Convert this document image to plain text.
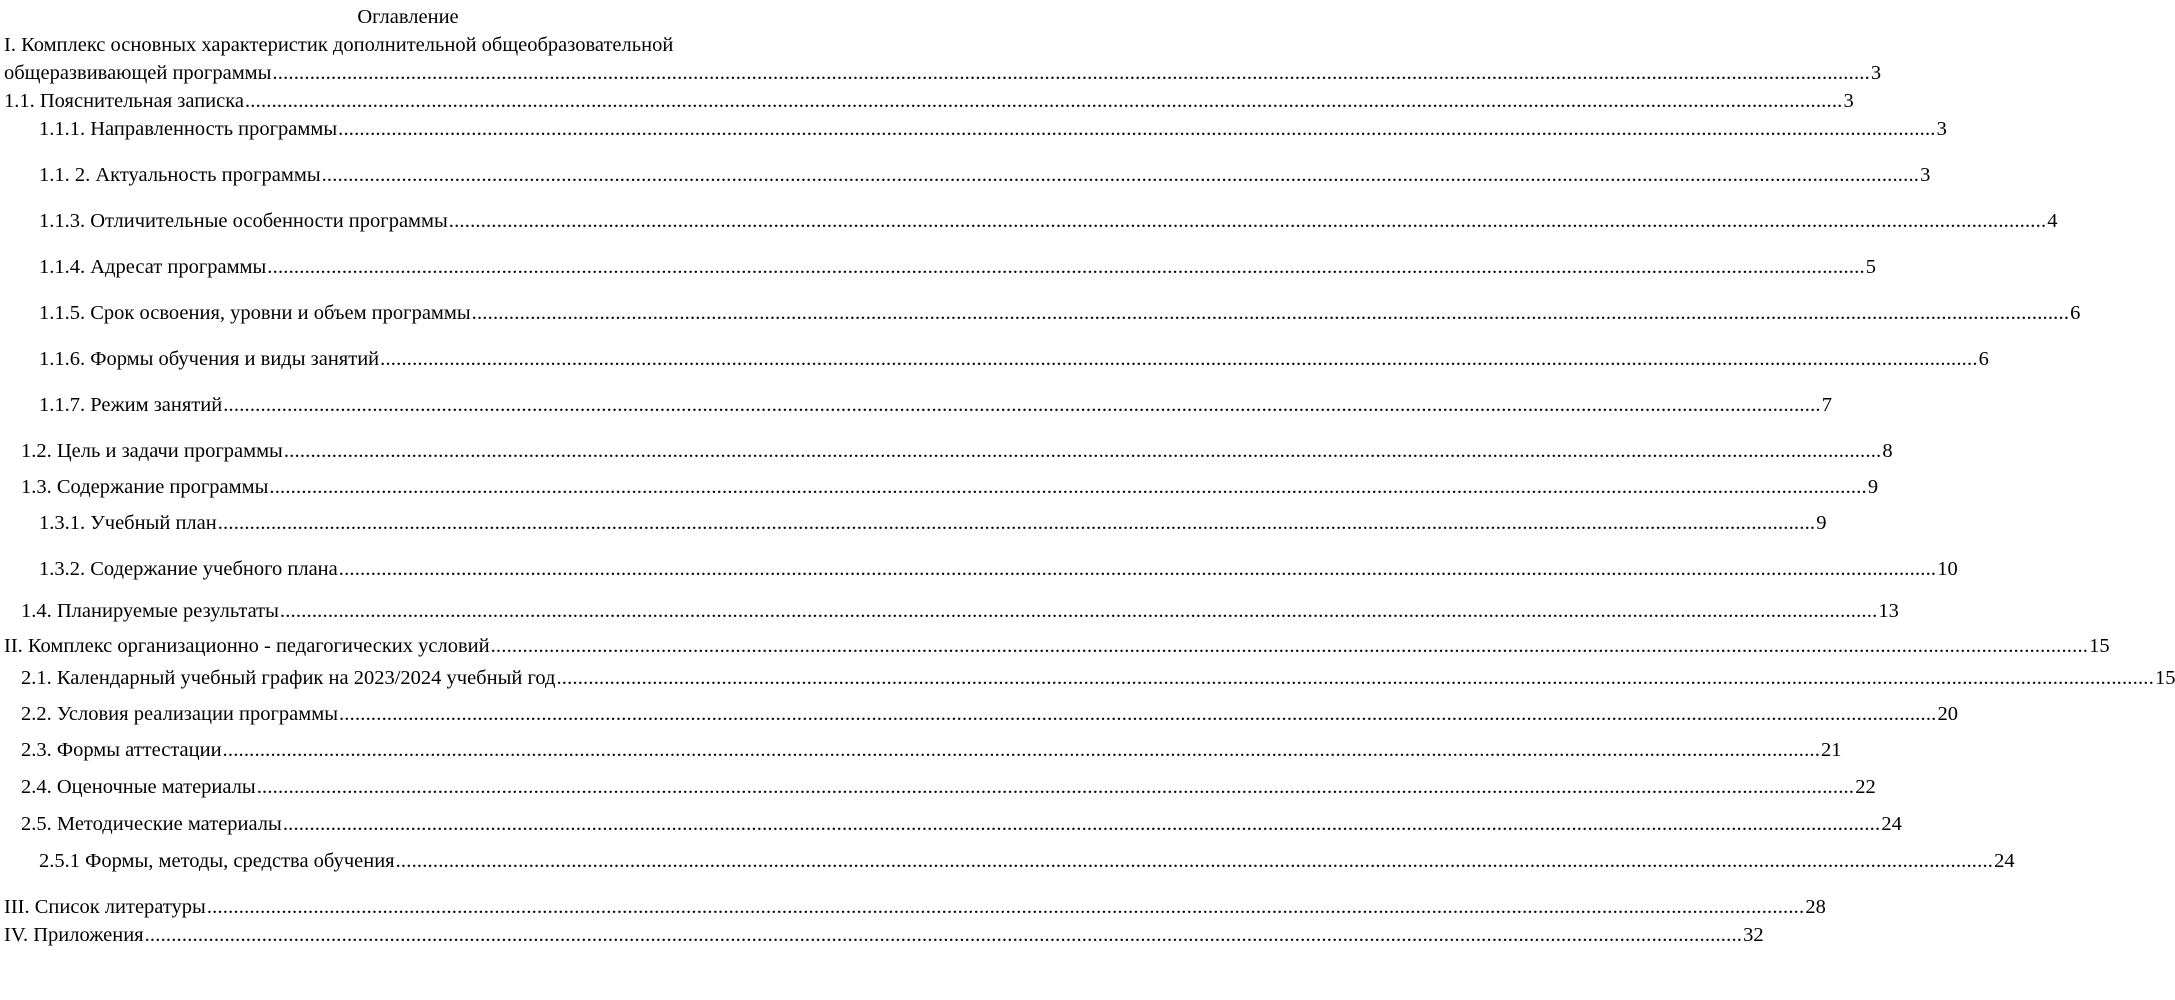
Оглавление
I. Комплекс основных характеристик дополнительной общеобразовательной
общеразвивающей программы ............................................................................................................................................................................................................................................................................................................ 3
1.1. Пояснительная записка ............................................................................................................................................................................................................................................................................................................ 3
1.1.1. Направленность программы ............................................................................................................................................................................................................................................................................................................ 3
1.1. 2. Актуальность программы ............................................................................................................................................................................................................................................................................................................ 3
1.1.3. Отличительные особенности программы ............................................................................................................................................................................................................................................................................................................ 4
1.1.4. Адресат программы ............................................................................................................................................................................................................................................................................................................ 5
1.1.5. Срок освоения, уровни и объем программы ............................................................................................................................................................................................................................................................................................................ 6
1.1.6. Формы обучения и виды занятий ............................................................................................................................................................................................................................................................................................................ 6
1.1.7. Режим занятий ............................................................................................................................................................................................................................................................................................................ 7
1.2. Цель и задачи программы ............................................................................................................................................................................................................................................................................................................ 8
1.3. Содержание программы ............................................................................................................................................................................................................................................................................................................ 9
1.3.1. Учебный план ............................................................................................................................................................................................................................................................................................................ 9
1.3.2. Содержание учебного плана ............................................................................................................................................................................................................................................................................................................ 10
1.4. Планируемые результаты ............................................................................................................................................................................................................................................................................................................ 13
II. Комплекс организационно - педагогических условий ............................................................................................................................................................................................................................................................................................................ 15
2.1. Календарный учебный график на 2023/2024 учебный год ............................................................................................................................................................................................................................................................................................................ 15
2.2. Условия реализации программы ............................................................................................................................................................................................................................................................................................................ 20
2.3. Формы аттестации ............................................................................................................................................................................................................................................................................................................ 21
2.4. Оценочные материалы ............................................................................................................................................................................................................................................................................................................ 22
2.5. Методические материалы ............................................................................................................................................................................................................................................................................................................ 24
2.5.1 Формы, методы, средства обучения ............................................................................................................................................................................................................................................................................................................ 24
III. Список литературы ............................................................................................................................................................................................................................................................................................................ 28
IV. Приложения ............................................................................................................................................................................................................................................................................................................ 32
